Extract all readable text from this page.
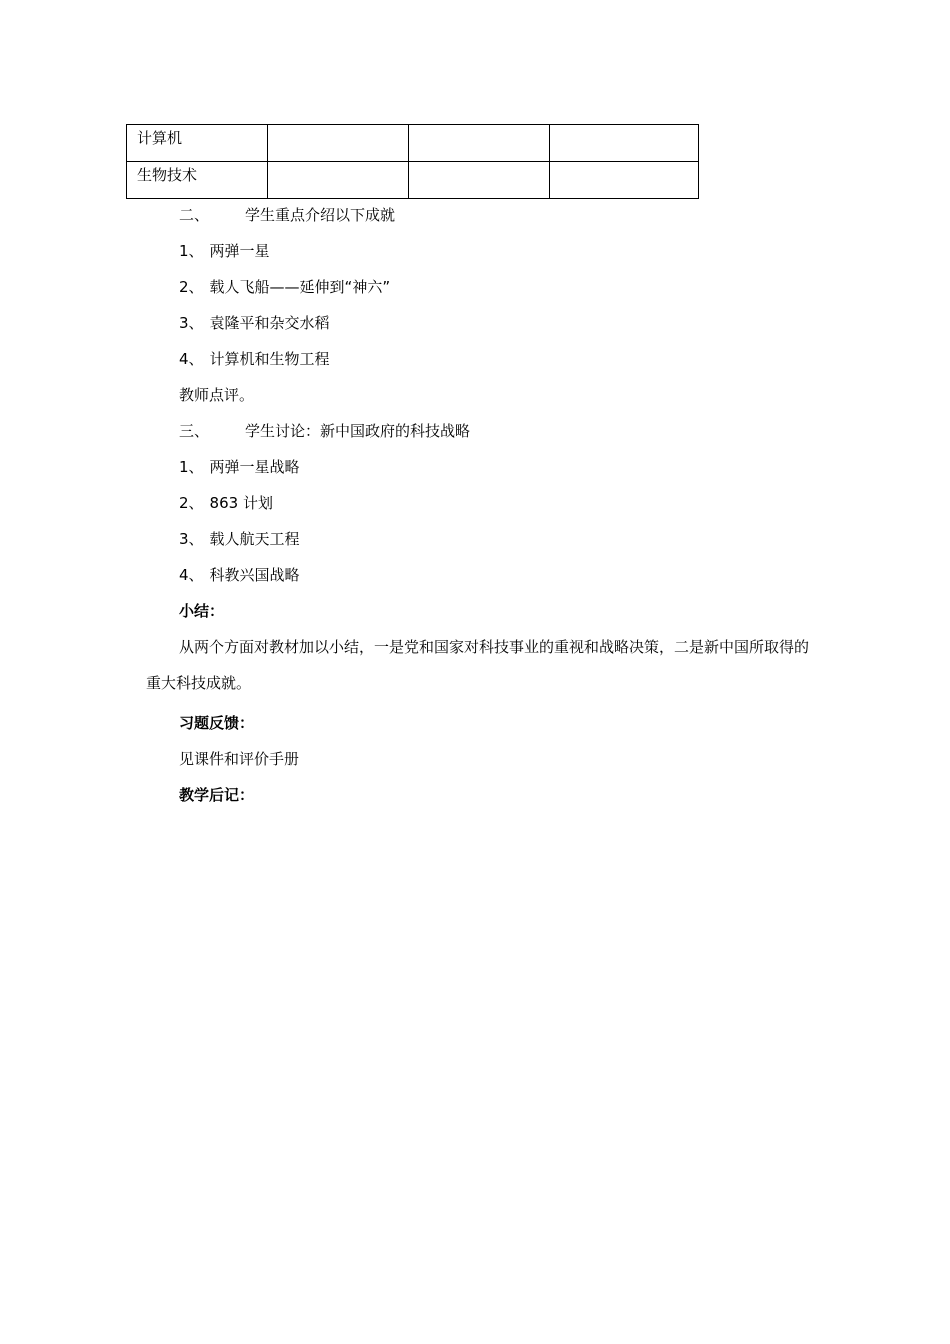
计算机			
生物技术			
二、 学生重点介绍以下成就
1、 两弹一星
2、 载人飞船——延伸到“神六”
3、 袁隆平和杂交水稻
4、 计算机和生物工程
教师点评。
三、 学生讨论：新中国政府的科技战略
1、 两弹一星战略
2、 863 计划
3、 载人航天工程
4、 科教兴国战略
小结：
从两个方面对教材加以小结，一是党和国家对科技事业的重视和战略决策，二是新中国所取得的重大科技成就。
习题反馈：
见课件和评价手册
教学后记：
